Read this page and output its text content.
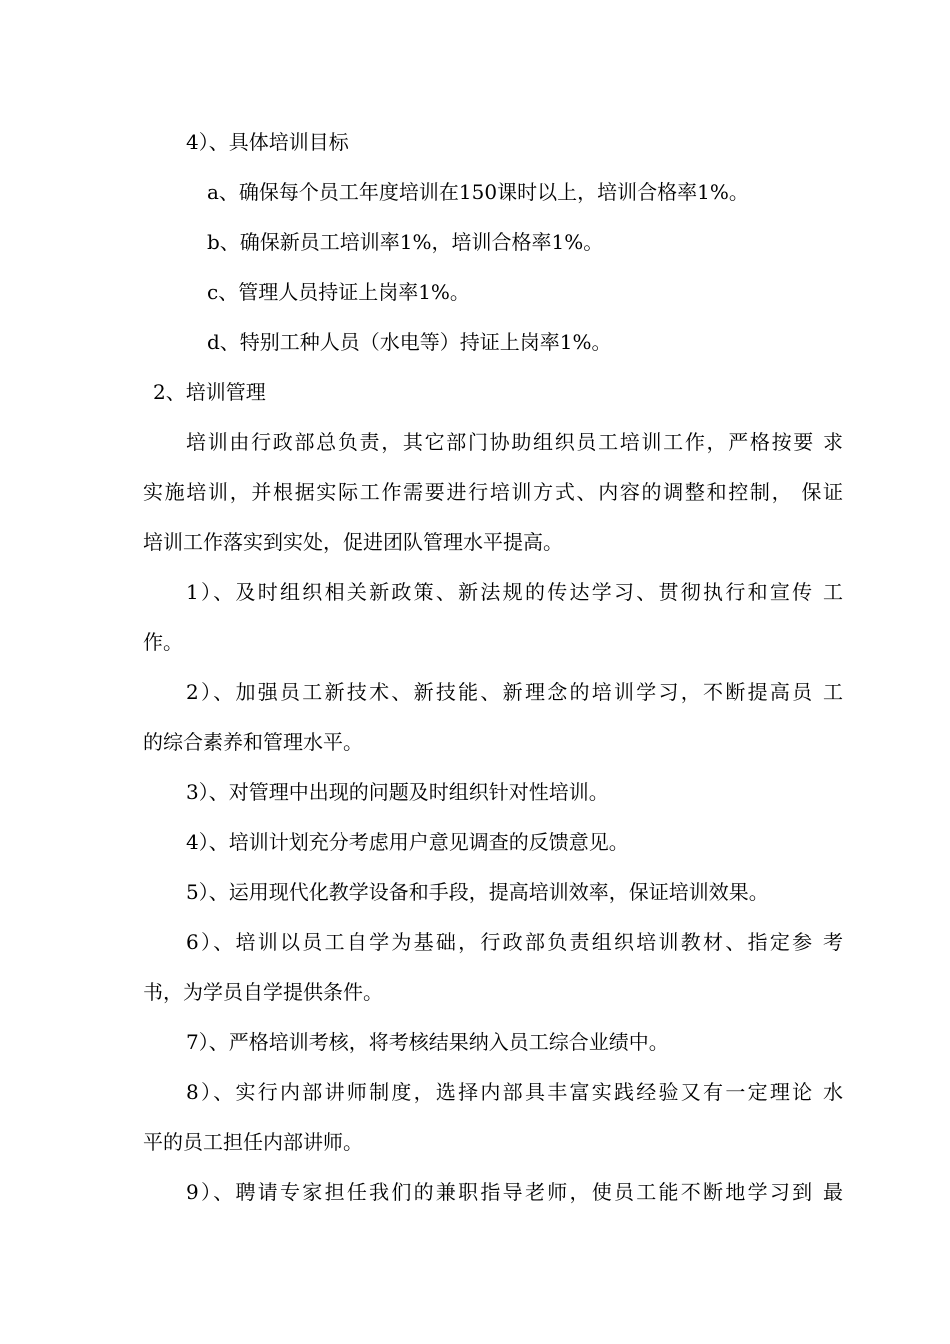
4）、具体培训目标
a、确保每个员工年度培训在150课时以上，培训合格率1%。
b、确保新员工培训率1%，培训合格率1%。
c、管理人员持证上岗率1%。
d、特别工种人员（水电等）持证上岗率1%。
2、培训管理
培训由行政部总负责，其它部门协助组织员工培训工作，严格按要 求
实施培训，并根据实际工作需要进行培训方式、内容的调整和控制， 保证
培训工作落实到实处，促进团队管理水平提高。
1）、及时组织相关新政策、新法规的传达学习、贯彻执行和宣传 工
作。
2）、加强员工新技术、新技能、新理念的培训学习，不断提高员 工
的综合素养和管理水平。
3）、对管理中出现的问题及时组织针对性培训。
4）、培训计划充分考虑用户意见调查的反馈意见。
5）、运用现代化教学设备和手段，提高培训效率，保证培训效果。
6）、培训以员工自学为基础，行政部负责组织培训教材、指定参 考
书，为学员自学提供条件。
7）、严格培训考核，将考核结果纳入员工综合业绩中。
8）、实行内部讲师制度，选择内部具丰富实践经验又有一定理论 水
平的员工担任内部讲师。
9）、聘请专家担任我们的兼职指导老师，使员工能不断地学习到 最
